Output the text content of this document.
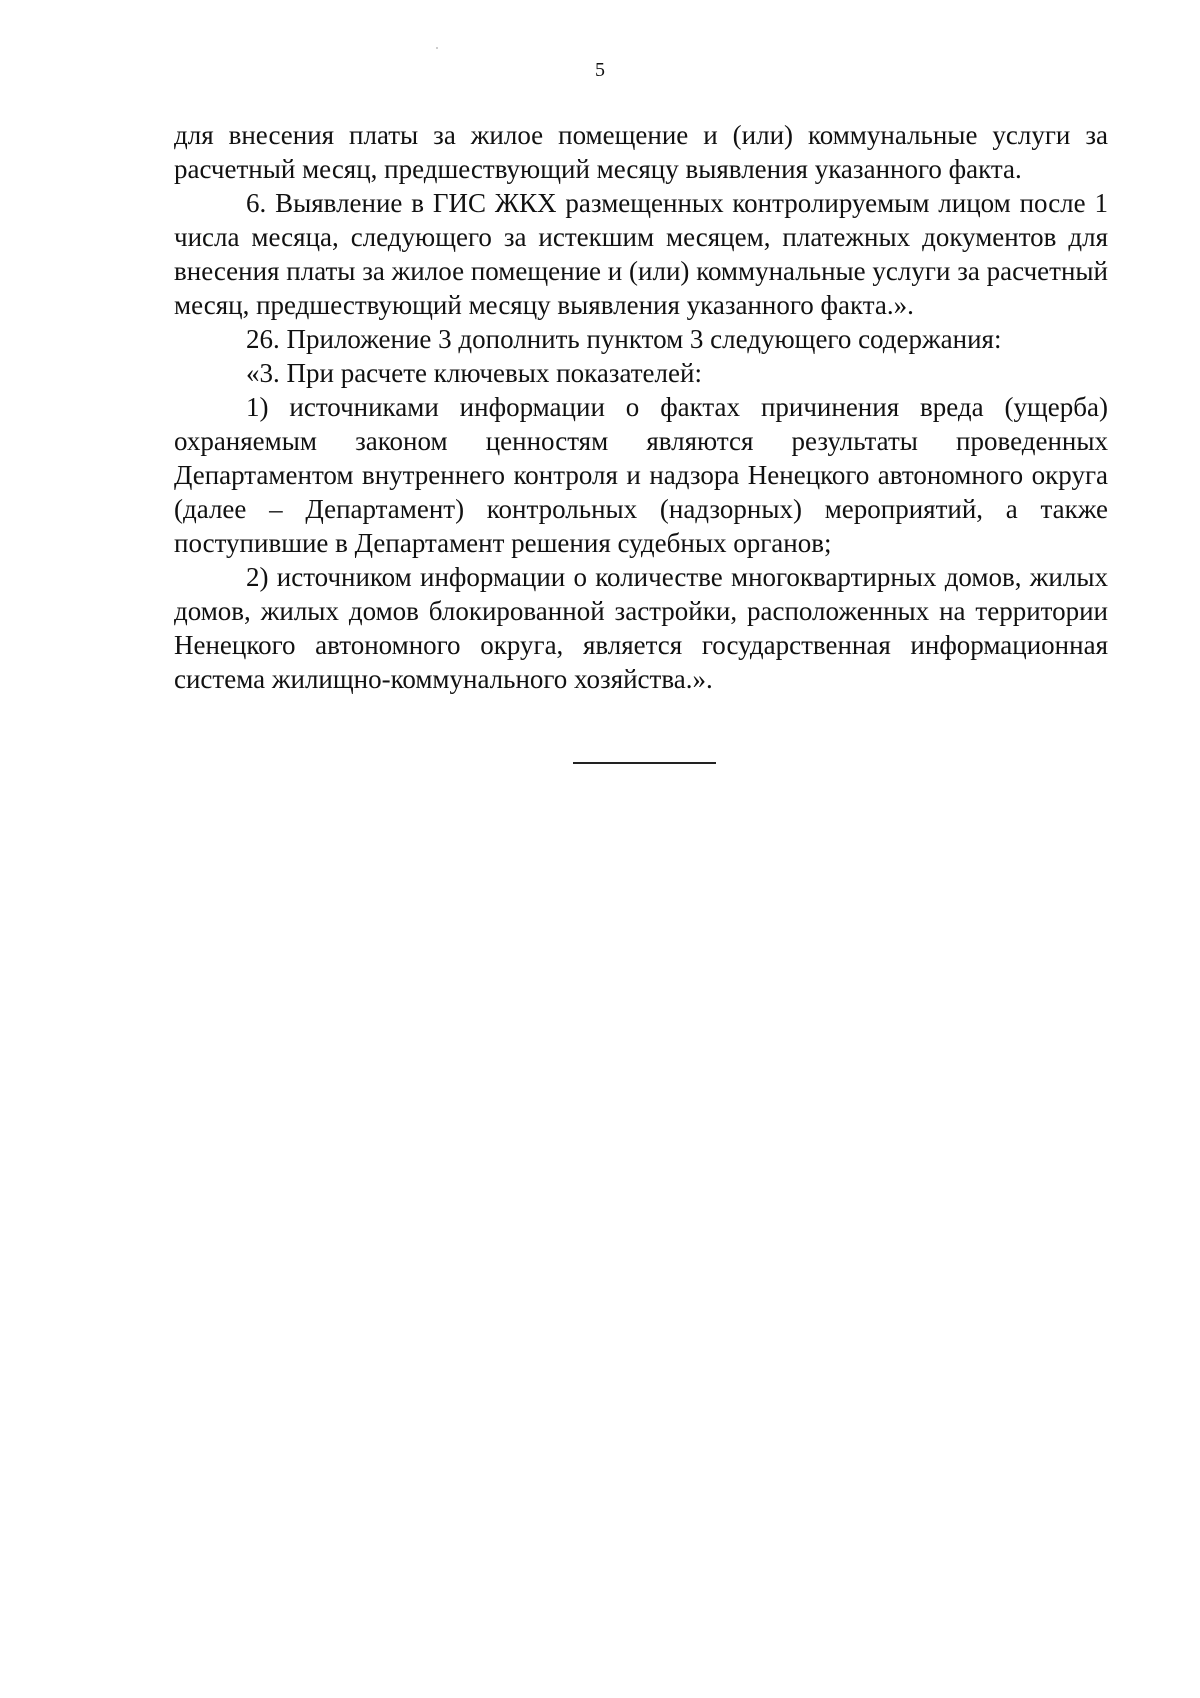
5

для внесения платы за жилое помещение и (или) коммунальные услуги за расчетный месяц, предшествующий месяцу выявления указанного факта.

6. Выявление в ГИС ЖКХ размещенных контролируемым лицом после 1 числа месяца, следующего за истекшим месяцем, платежных документов для внесения платы за жилое помещение и (или) коммунальные услуги за расчетный месяц, предшествующий месяцу выявления указанного факта.».

26. Приложение 3 дополнить пунктом 3 следующего содержания:

«3. При расчете ключевых показателей:

1) источниками информации о фактах причинения вреда (ущерба) охраняемым законом ценностям являются результаты проведенных Департаментом внутреннего контроля и надзора Ненецкого автономного округа (далее – Департамент) контрольных (надзорных) мероприятий, а также поступившие в Департамент решения судебных органов;

2) источником информации о количестве многоквартирных домов, жилых домов, жилых домов блокированной застройки, расположенных на территории Ненецкого автономного округа, является государственная информационная система жилищно-коммунального хозяйства.».
